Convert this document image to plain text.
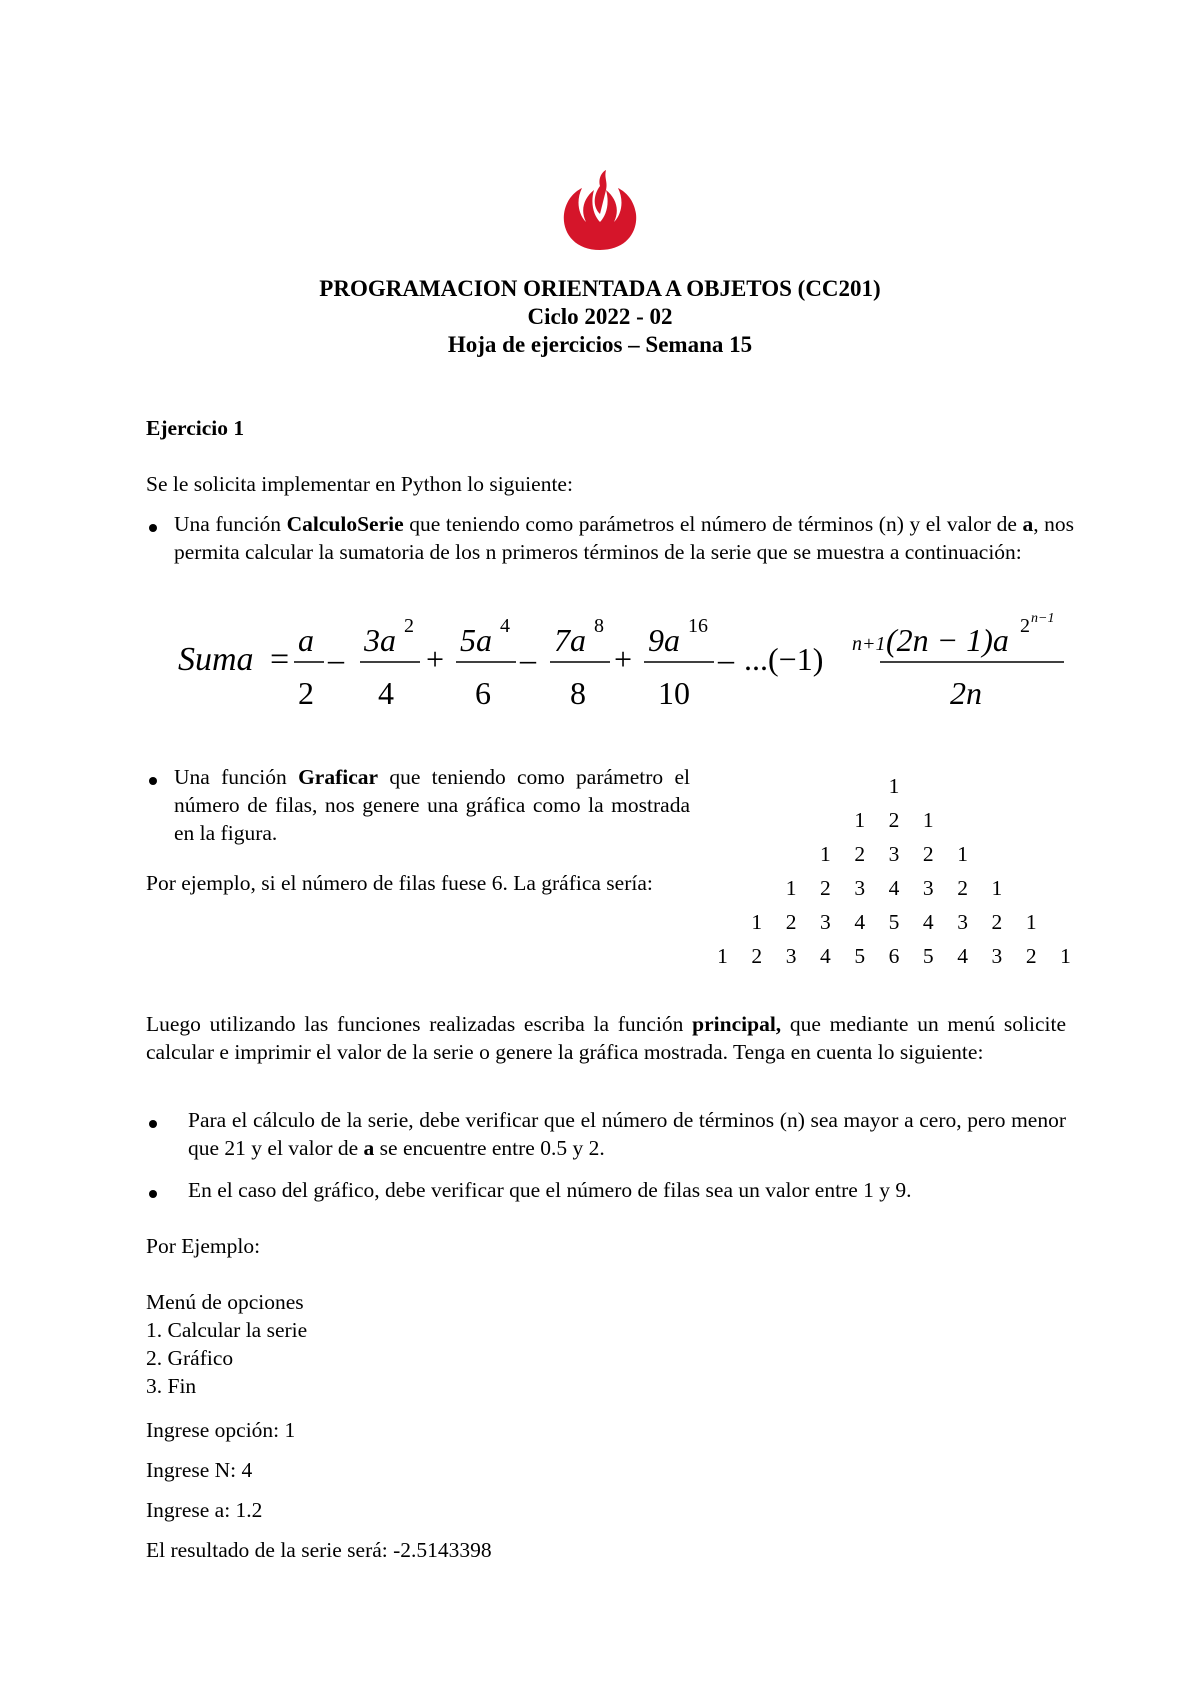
PROGRAMACION ORIENTADA A OBJETOS (CC201)
Ciclo 2022 - 02
Hoja de ejercicios – Semana 15
Ejercicio 1
Se le solicita implementar en Python lo siguiente:
Una función CalculoSerie que teniendo como parámetros el número de términos (n) y el valor de a, nos permita calcular la sumatoria de los n primeros términos de la serie que se muestra a continuación:
Suma =
a
2
–
3a 2
4
+
5a 4
6
–
7a 8
8
+
9a 16
10
– ...(−1) n+1 (2n − 1)a 2 n−1
2n
Una función Graficar que teniendo como parámetro el número de filas, nos genere una gráfica como la mostrada en la figura.
Por ejemplo, si el número de filas fuese 6. La gráfica sería:
1
1 2 1
1 2 3 2 1
1 2 3 4 3 2 1
1 2 3 4 5 4 3 2 1
1 2 3 4 5 6 5 4 3 2 1
Luego utilizando las funciones realizadas escriba la función principal, que mediante un menú solicite calcular e imprimir el valor de la serie o genere la gráfica mostrada. Tenga en cuenta lo siguiente:
Para el cálculo de la serie, debe verificar que el número de términos (n) sea mayor a cero, pero menor que 21 y el valor de a se encuentre entre 0.5 y 2.
En el caso del gráfico, debe verificar que el número de filas sea un valor entre 1 y 9.
Por Ejemplo:
Menú de opciones
1. Calcular la serie
2. Gráfico
3. Fin
Ingrese opción: 1
Ingrese N: 4
Ingrese a: 1.2
El resultado de la serie será: -2.5143398
